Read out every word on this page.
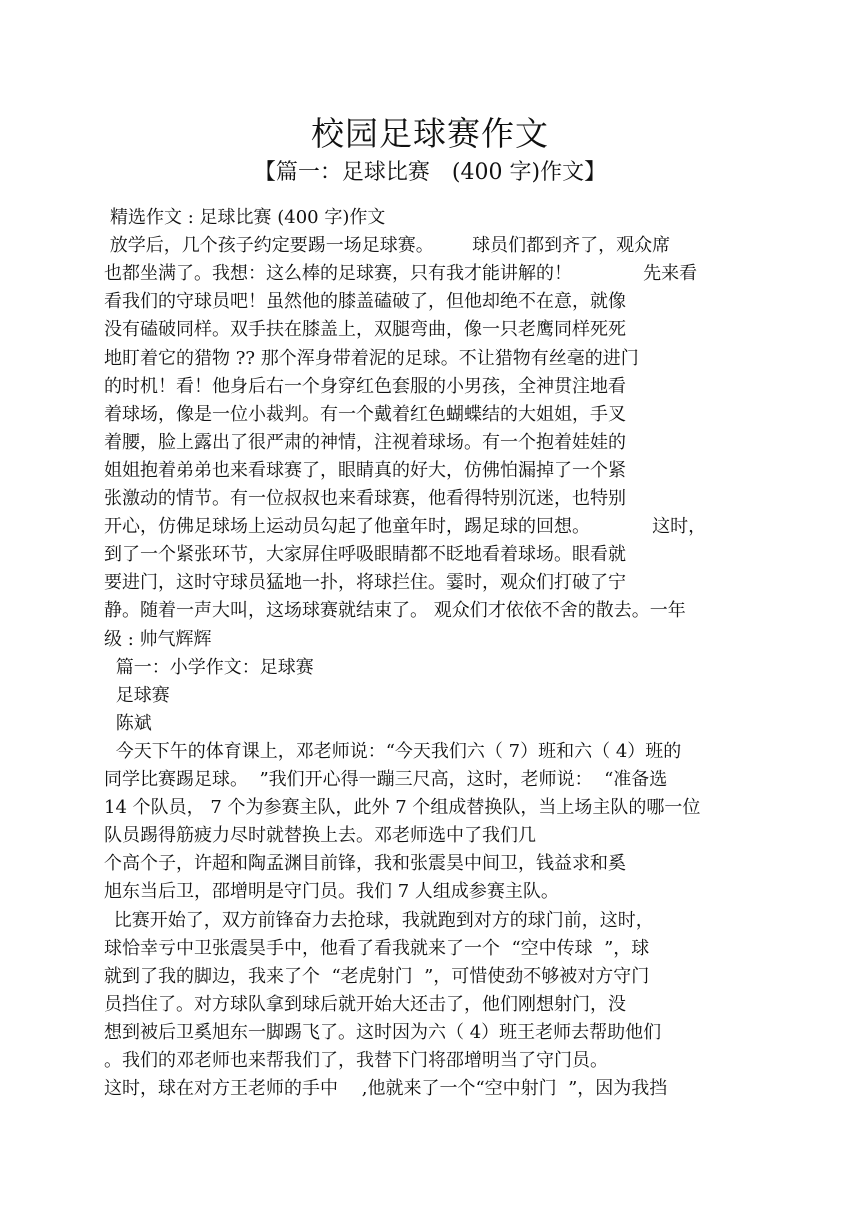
校园足球赛作文
【篇一：足球比赛　(400 字)作文】
精选作文 : 足球比赛 (400 字)作文
放学后，几个孩子约定要踢一场足球赛。　　  球员们都到齐了，观众席
也都坐满了。我想：这么棒的足球赛，只有我才能讲解的！　　　   先来看
看我们的守球员吧！虽然他的膝盖磕破了，但他却绝不在意，就像
没有磕破同样。双手扶在膝盖上，双腿弯曲，像一只老鹰同样死死
地盯着它的猎物 ?? 那个浑身带着泥的足球。不让猎物有丝毫的进门
的时机！看！他身后右一个身穿红色套服的小男孩，全神贯注地看
着球场，像是一位小裁判。有一个戴着红色蝴蝶结的大姐姐，手叉
着腰，脸上露出了很严肃的神情，注视着球场。有一个抱着娃娃的
姐姐抱着弟弟也来看球赛了，眼睛真的好大，仿佛怕漏掉了一个紧
张激动的情节。有一位叔叔也来看球赛，他看得特别沉迷，也特别
开心，仿佛足球场上运动员勾起了他童年时，踢足球的回想。　　　   这时，
到了一个紧张环节，大家屏住呼吸眼睛都不眨地看着球场。眼看就
要进门，这时守球员猛地一扑，将球拦住。霎时，观众们打破了宁
静。随着一声大叫，这场球赛就结束了。 观众们才依依不舍的散去。一年
级 : 帅气辉辉
篇一：小学作文：足球赛
足球赛
陈斌
今天下午的体育课上，邓老师说：“今天我们六（ 7）班和六（ 4）班的
同学比赛踢足球。  ”我们开心得一蹦三尺高，这时，老师说：  “准备选
14 个队员， 7 个为参赛主队，此外 7 个组成替换队，当上场主队的哪一位
队员踢得筋疲力尽时就替换上去。邓老师选中了我们几
个高个子，许超和陶孟渊目前锋，我和张震昊中间卫，钱益求和奚
旭东当后卫，邵增明是守门员。我们 7 人组成参赛主队。
比赛开始了，双方前锋奋力去抢球，我就跑到对方的球门前，这时，
球恰幸亏中卫张震昊手中，他看了看我就来了一个  “空中传球  ”，球
就到了我的脚边，我来了个  “老虎射门  ”，可惜使劲不够被对方守门
员挡住了。对方球队拿到球后就开始大还击了，他们刚想射门，没
想到被后卫奚旭东一脚踢飞了。这时因为六（ 4）班王老师去帮助他们
。我们的邓老师也来帮我们了，我替下门将邵增明当了守门员。
这时，球在对方王老师的手中　 ,他就来了一个“空中射门  ”，因为我挡
